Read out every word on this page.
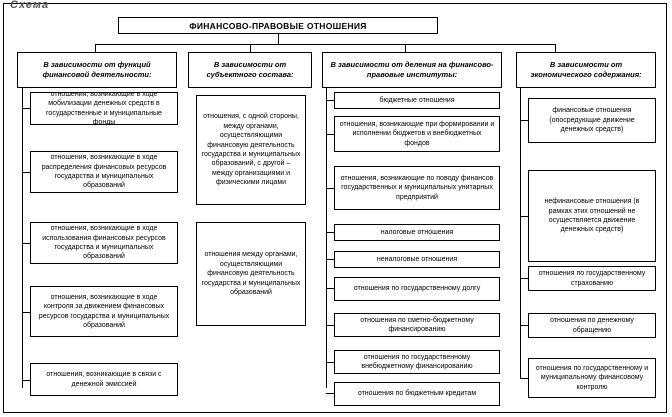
Схема
ФИНАНСОВО-ПРАВОВЫЕ ОТНОШЕНИЯ
В зависимости от функций финансовой деятельности:
В зависимости от субъектного состава:
В зависимости от деления на финансово-правовые институты:
В зависимости от экономического содержания:
отношения, возникающие в ходе мобилизации денежных средств в государственные и муниципальные фонды
отношения, возникающие в ходе распределения финансовых ресурсов государства и муниципальных образований
отношения, возникающие в ходе использования финансовых ресурсов государства и муниципальных образований
отношения, возникающие в ходе контроля за движением финансовых ресурсов государства и муниципальных образований
отношения, возникающие в связи с денежной эмиссией
отношения, с одной стороны, между органами, осуществляющими финансовую деятельность государства и муниципальных образований, с другой – между организациями и физическими лицами
отношения между органами, осуществляющими финансовую деятельность государства и муниципальных образований
бюджетные отношения
отношения, возникающие при формировании и исполнении бюджетов и внебюджетных фондов
отношения, возникающие по поводу финансов государственных и муниципальных унитарных предприятий
налоговые отношения
неналоговые отношения
отношения по государственному долгу
отношения по сметно-бюджетному финансированию
отношения по государственному внебюджетному финансированию
отношения по бюджетным кредитам
финансовые отношения (опосредующие движение денежных средств)
нефинансовые отношения (в рамках этих отношений не осуществляется движение денежных средств)
отношения по государственному страхованию
отношения по денежному обращению
отношения по государственному и муниципальному финансовому контролю
